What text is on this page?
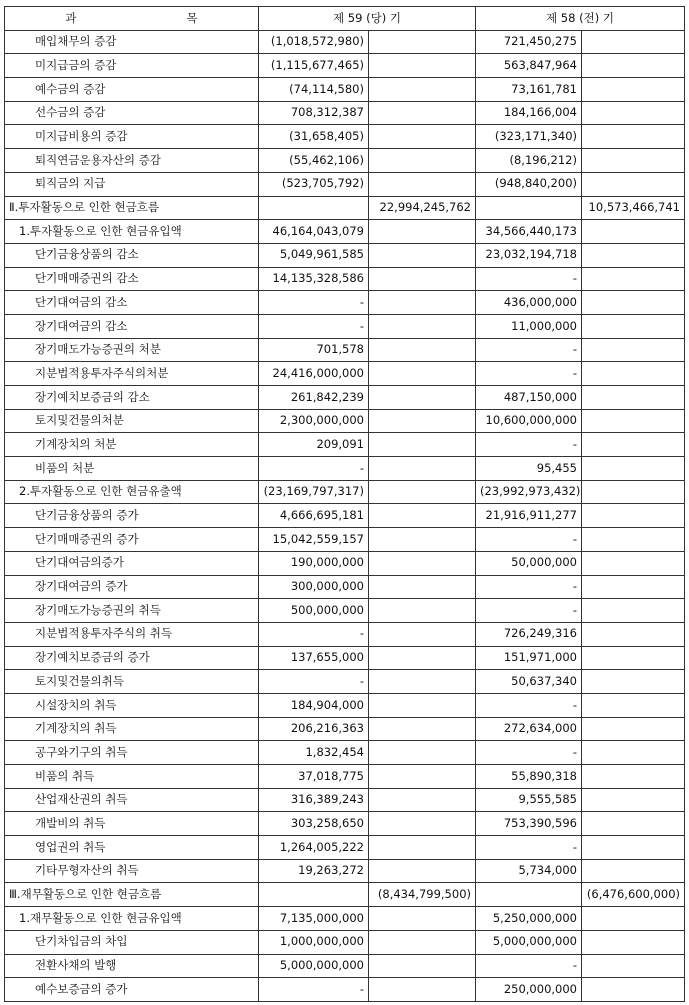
과 목	제 59 (당) 기		제 58 (전) 기	
매입채무의 증감	(1,018,572,980)		721,450,275	
미지급금의 증감	(1,115,677,465)		563,847,964	
예수금의 증감	(74,114,580)		73,161,781	
선수금의 증감	708,312,387		184,166,004	
미지급비용의 증감	(31,658,405)		(323,171,340)	
퇴직연금운용자산의 증감	(55,462,106)		(8,196,212)	
퇴직금의 지급	(523,705,792)		(948,840,200)	
Ⅱ.투자활동으로 인한 현금흐름		22,994,245,762		10,573,466,741
1.투자활동으로 인한 현금유입액	46,164,043,079		34,566,440,173	
단기금융상품의 감소	5,049,961,585		23,032,194,718	
단기매매증권의 감소	14,135,328,586		-	
단기대여금의 감소	-		436,000,000	
장기대여금의 감소	-		11,000,000	
장기매도가능증권의 처분	701,578		-	
지분법적용투자주식의처분	24,416,000,000		-	
장기예치보증금의 감소	261,842,239		487,150,000	
토지및건물의처분	2,300,000,000		10,600,000,000	
기계장치의 처분	209,091		-	
비품의 처분	-		95,455	
2.투자활동으로 인한 현금유출액	(23,169,797,317)		(23,992,973,432)	
단기금융상품의 증가	4,666,695,181		21,916,911,277	
단기매매증권의 증가	15,042,559,157		-	
단기대여금의증가	190,000,000		50,000,000	
장기대여금의 증가	300,000,000		-	
장기매도가능증권의 취득	500,000,000		-	
지분법적용투자주식의 취득	-		726,249,316	
장기예치보증금의 증가	137,655,000		151,971,000	
토지및건물의취득	-		50,637,340	
시설장치의 취득	184,904,000		-	
기계장치의 취득	206,216,363		272,634,000	
공구와기구의 취득	1,832,454		-	
비품의 취득	37,018,775		55,890,318	
산업재산권의 취득	316,389,243		9,555,585	
개발비의 취득	303,258,650		753,390,596	
영업권의 취득	1,264,005,222		-	
기타무형자산의 취득	19,263,272		5,734,000	
Ⅲ.재무활동으로 인한 현금흐름		(8,434,799,500)		(6,476,600,000)
1.재무활동으로 인한 현금유입액	7,135,000,000		5,250,000,000	
단기차입금의 차입	1,000,000,000		5,000,000,000	
전환사채의 발행	5,000,000,000		-	
예수보증금의 증가	-		250,000,000	
